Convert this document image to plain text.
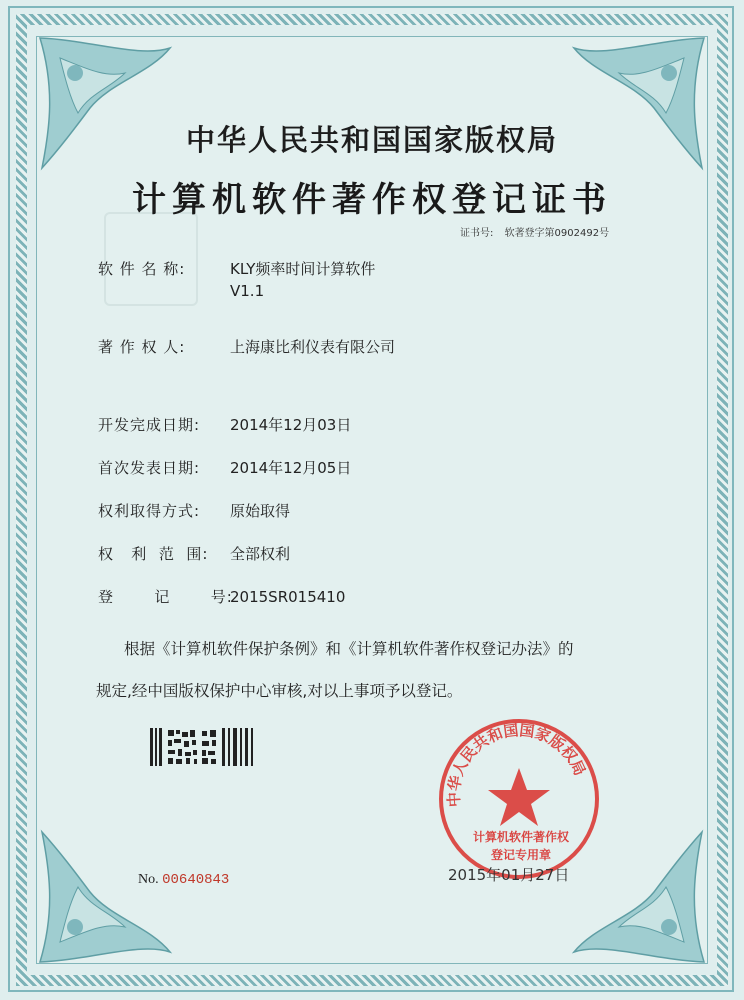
中华人民共和国国家版权局
计算机软件著作权登记证书
证书号: 软著登字第0902492号
软 件 名 称:	KLY频率时间计算软件
V1.1
著 作 权 人:	上海康比利仪表有限公司
开发完成日期: 2014年12月03日
首次发表日期: 2014年12月05日
权利取得方式: 原始取得
权   利  范  围: 全部权利
登       记       号:2015SR015410
根据《计算机软件保护条例》和《计算机软件著作权登记办法》的
规定,经中国版权保护中心审核,对以上事项予以登记。
No. 00640843
中华人民共和国国家版权局
计算机软件著作权
登记专用章
2015年01月27日
